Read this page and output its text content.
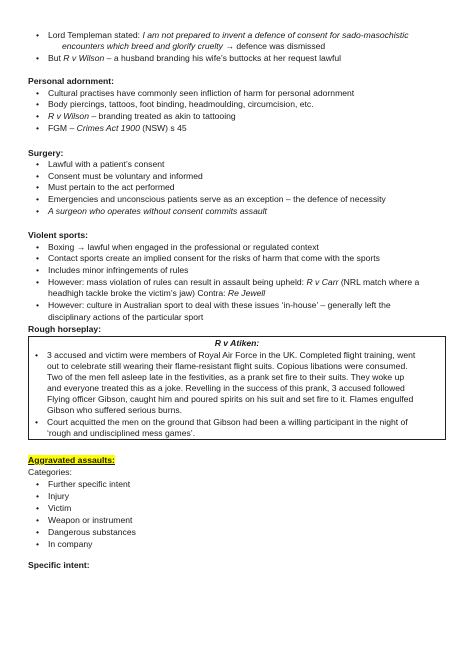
• Lord Templeman stated: I am not prepared to invent a defence of consent for sado-masochistic
encounters which breed and glorify cruelty → defence was dismissed
• But R v Wilson – a husband branding his wife’s buttocks at her request lawful
Personal adornment:
• Cultural practises have commonly seen infliction of harm for personal adornment
• Body piercings, tattoos, foot binding, headmoulding, circumcision, etc.
• R v Wilson – branding treated as akin to tattooing
• FGM – Crimes Act 1900 (NSW) s 45
Surgery:
• Lawful with a patient’s consent
• Consent must be voluntary and informed
• Must pertain to the act performed
• Emergencies and unconscious patients serve as an exception – the defence of necessity
• A surgeon who operates without consent commits assault
Violent sports:
• Boxing → lawful when engaged in the professional or regulated context
• Contact sports create an implied consent for the risks of harm that come with the sports
• Includes minor infringements of rules
• However: mass violation of rules can result in assault being upheld: R v Carr (NRL match where a
headhigh tackle broke the victim’s jaw) Contra: Re Jewell
• However: culture in Australian sport to deal with these issues ‘in-house’ – generally left the
disciplinary actions of the particular sport
Rough horseplay:
R v Atiken:
• 3 accused and victim were members of Royal Air Force in the UK. Completed flight training, went
out to celebrate still wearing their flame-resistant flight suits. Copious libations were consumed.
Two of the men fell asleep late in the festivities, as a prank set fire to their suits. They woke up
and everyone treated this as a joke. Revelling in the success of this prank, 3 accused followed
Flying officer Gibson, caught him and poured spirits on his suit and set fire to it. Flames engulfed
Gibson who suffered serious burns.
• Court acquitted the men on the ground that Gibson had been a willing participant in the night of
‘rough and undisciplined mess games’.
Aggravated assaults:
Categories:
• Further specific intent
• Injury
• Victim
• Weapon or instrument
• Dangerous substances
• In company
Specific intent:
